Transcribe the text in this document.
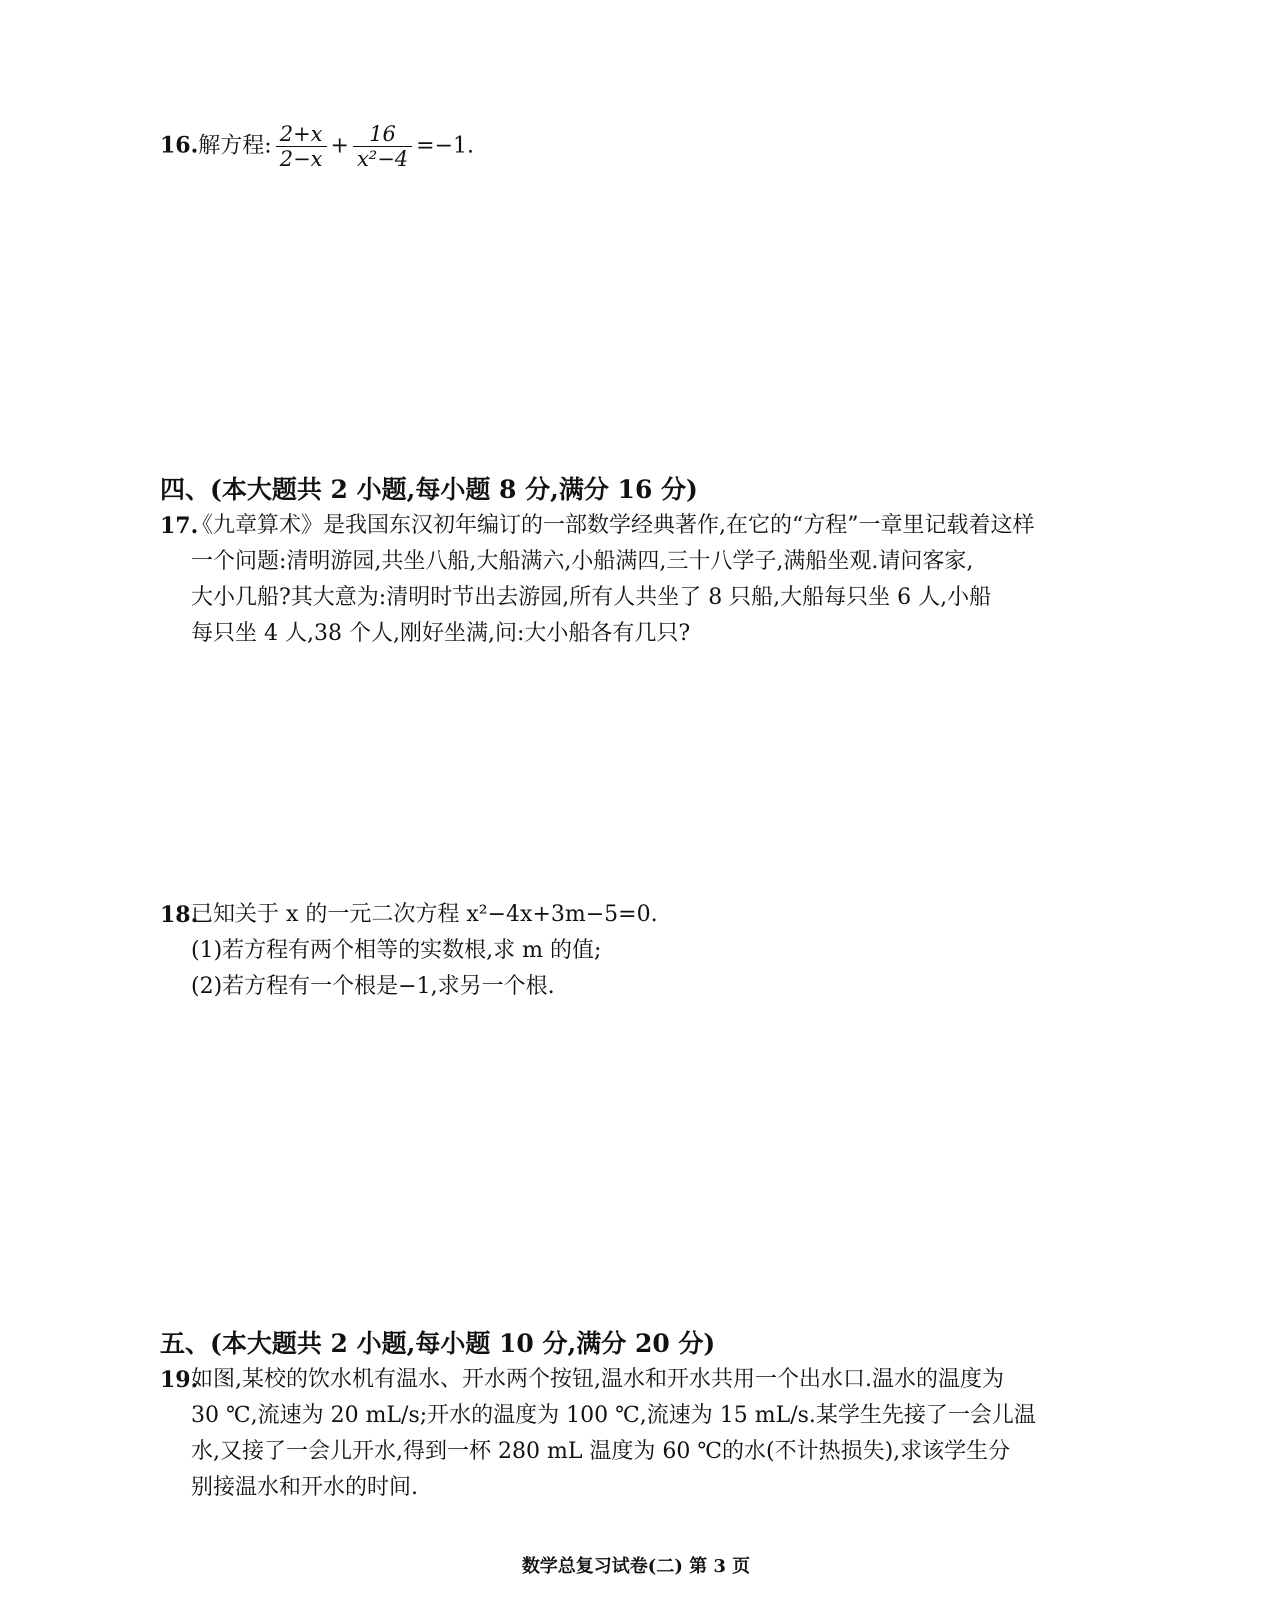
16.解方程: $\frac{2+x}{2-x} + \frac{16}{\text{x²−4}} =-1$.
四、(本大题共 2 小题,每小题 8 分,满分 16 分)
17.
《九章算术》是我国东汉初年编订的一部数学经典著作,在它的“方程”一章里记载着这样
一个问题:清明游园,共坐八船,大船满六,小船满四,三十八学子,满船坐观.请问客家,
大小几船?其大意为:清明时节出去游园,所有人共坐了 8 只船,大船每只坐 6 人,小船
每只坐 4 人,38 个人,刚好坐满,问:大小船各有几只?
18.
已知关于 x 的一元二次方程 x²−4x+3m−5=0.
(1)若方程有两个相等的实数根,求 m 的值;
(2)若方程有一个根是−1,求另一个根.
五、(本大题共 2 小题,每小题 10 分,满分 20 分)
19.
如图,某校的饮水机有温水、开水两个按钮,温水和开水共用一个出水口.温水的温度为
30 ℃,流速为 20 mL/s;开水的温度为 100 ℃,流速为 15 mL/s.某学生先接了一会儿温
水,又接了一会儿开水,得到一杯 280 mL 温度为 60 ℃的水(不计热损失),求该学生分
别接温水和开水的时间.
数学总复习试卷(二) 第 3 页
